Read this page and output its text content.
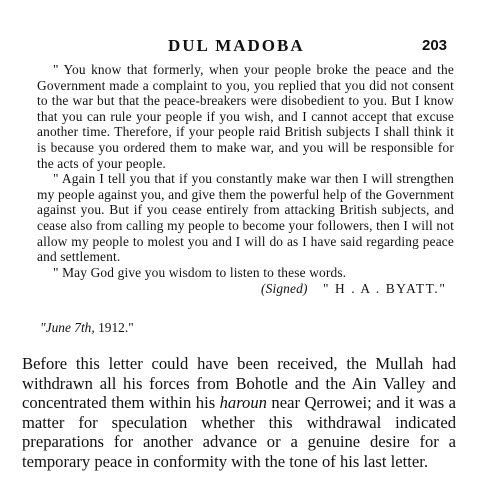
DUL MADOBA	203

" You know that formerly, when your people broke the peace and the Government made a complaint to you, you replied that you did not consent to the war but that the peace-breakers were disobedient to you. But I know that you can rule your people if you wish, and I cannot accept that excuse another time. Therefore, if your people raid British subjects I shall think it is because you ordered them to make war, and you will be responsible for the acts of your people.

" Again I tell you that if you constantly make war then I will strengthen my people against you, and give them the powerful help of the Government against you. But if you cease entirely from attacking British subjects, and cease also from calling my people to become your followers, then I will not allow my people to molest you and I will do as I have said regarding peace and settlement.

" May God give you wisdom to listen to these words.

(Signed) " H . A . BYATT."
"June 7th, 1912."

Before this letter could have been received, the Mullah had withdrawn all his forces from Bohotle and the Ain Valley and concentrated them within his haroun near Qerrowei; and it was a matter for speculation whether this withdrawal indicated preparations for another advance or a genuine desire for a temporary peace in conformity with the tone of his last letter.
